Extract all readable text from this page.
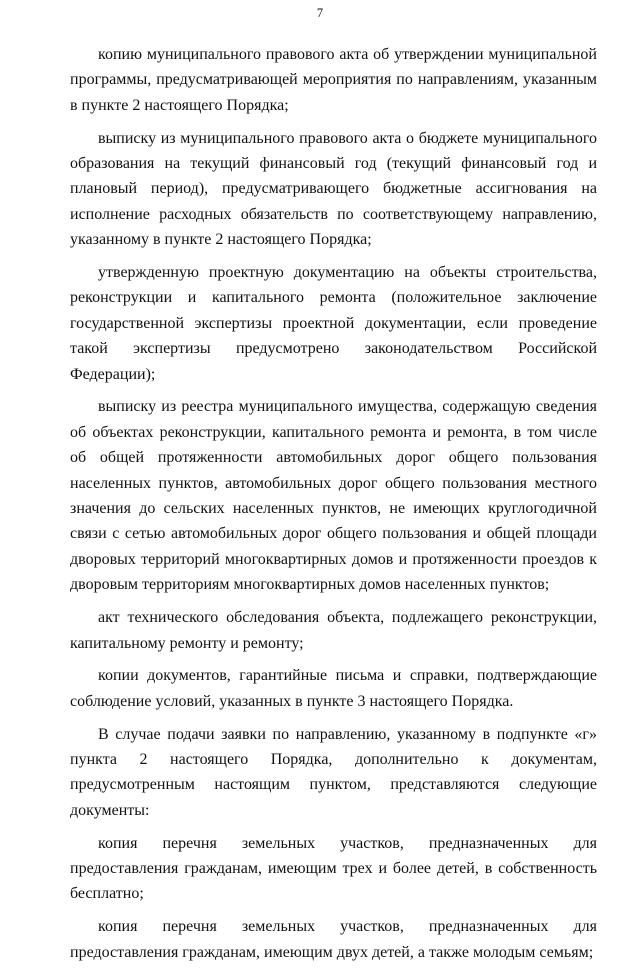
7

копию муниципального правового акта об утверждении муниципальной программы, предусматривающей мероприятия по направлениям, указанным в пункте 2 настоящего Порядка;

выписку из муниципального правового акта о бюджете муниципального образования на текущий финансовый год (текущий финансовый год и плановый период), предусматривающего бюджетные ассигнования на исполнение расходных обязательств по соответствующему направлению, указанному в пункте 2 настоящего Порядка;

утвержденную проектную документацию на объекты строительства, реконструкции и капитального ремонта (положительное заключение государственной экспертизы проектной документации, если проведение такой экспертизы предусмотрено законодательством Российской Федерации);

выписку из реестра муниципального имущества, содержащую сведения об объектах реконструкции, капитального ремонта и ремонта, в том числе об общей протяженности автомобильных дорог общего пользования населенных пунктов, автомобильных дорог общего пользования местного значения до сельских населенных пунктов, не имеющих круглогодичной связи с сетью автомобильных дорог общего пользования и общей площади дворовых территорий многоквартирных домов и протяженности проездов к дворовым территориям многоквартирных домов населенных пунктов;

акт технического обследования объекта, подлежащего реконструкции, капитальному ремонту и ремонту;

копии документов, гарантийные письма и справки, подтверждающие соблюдение условий, указанных в пункте 3 настоящего Порядка.

В случае подачи заявки по направлению, указанному в подпункте «г» пункта 2 настоящего Порядка, дополнительно к документам, предусмотренным настоящим пунктом, представляются следующие документы:

копия перечня земельных участков, предназначенных для предоставления гражданам, имеющим трех и более детей, в собственность бесплатно;

копия перечня земельных участков, предназначенных для предоставления гражданам, имеющим двух детей, а также молодым семьям;
